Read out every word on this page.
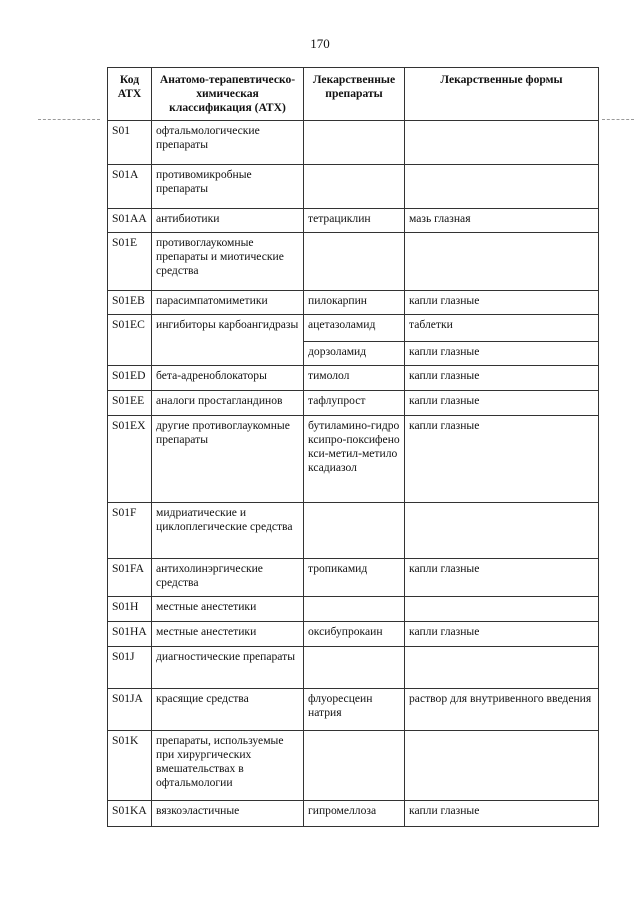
170
Код АТХ	Анатомо-терапевтическо-химическая классификация (АТХ)	Лекарственные препараты	Лекарственные формы
S01	офтальмологические препараты		
S01A	противомикробные препараты		
S01AA	антибиотики	тетрациклин	мазь глазная
S01E	противоглаукомные препараты и миотические средства		
S01EB	парасимпатомиметики	пилокарпин	капли глазные
S01EC	ингибиторы карбоангидразы	ацетазоламид	таблетки
		дорзоламид	капли глазные
S01ED	бета-адреноблокаторы	тимолол	капли глазные
S01EE	аналоги простагландинов	тафлупрост	капли глазные
S01EX	другие противоглаукомные препараты	бутиламино-гидроксипро-поксифенокси-метил-метилоксадиазол	капли глазные
S01F	мидриатические и циклоплегические средства		
S01FA	антихолинэргические средства	тропикамид	капли глазные
S01H	местные анестетики		
S01HA	местные анестетики	оксибупрокаин	капли глазные
S01J	диагностические препараты		
S01JA	красящие средства	флуоресцеин натрия	раствор для внутривенного введения
S01K	препараты, используемые при хирургических вмешательствах в офтальмологии		
S01KA	вязкоэластичные	гипромеллоза	капли глазные
